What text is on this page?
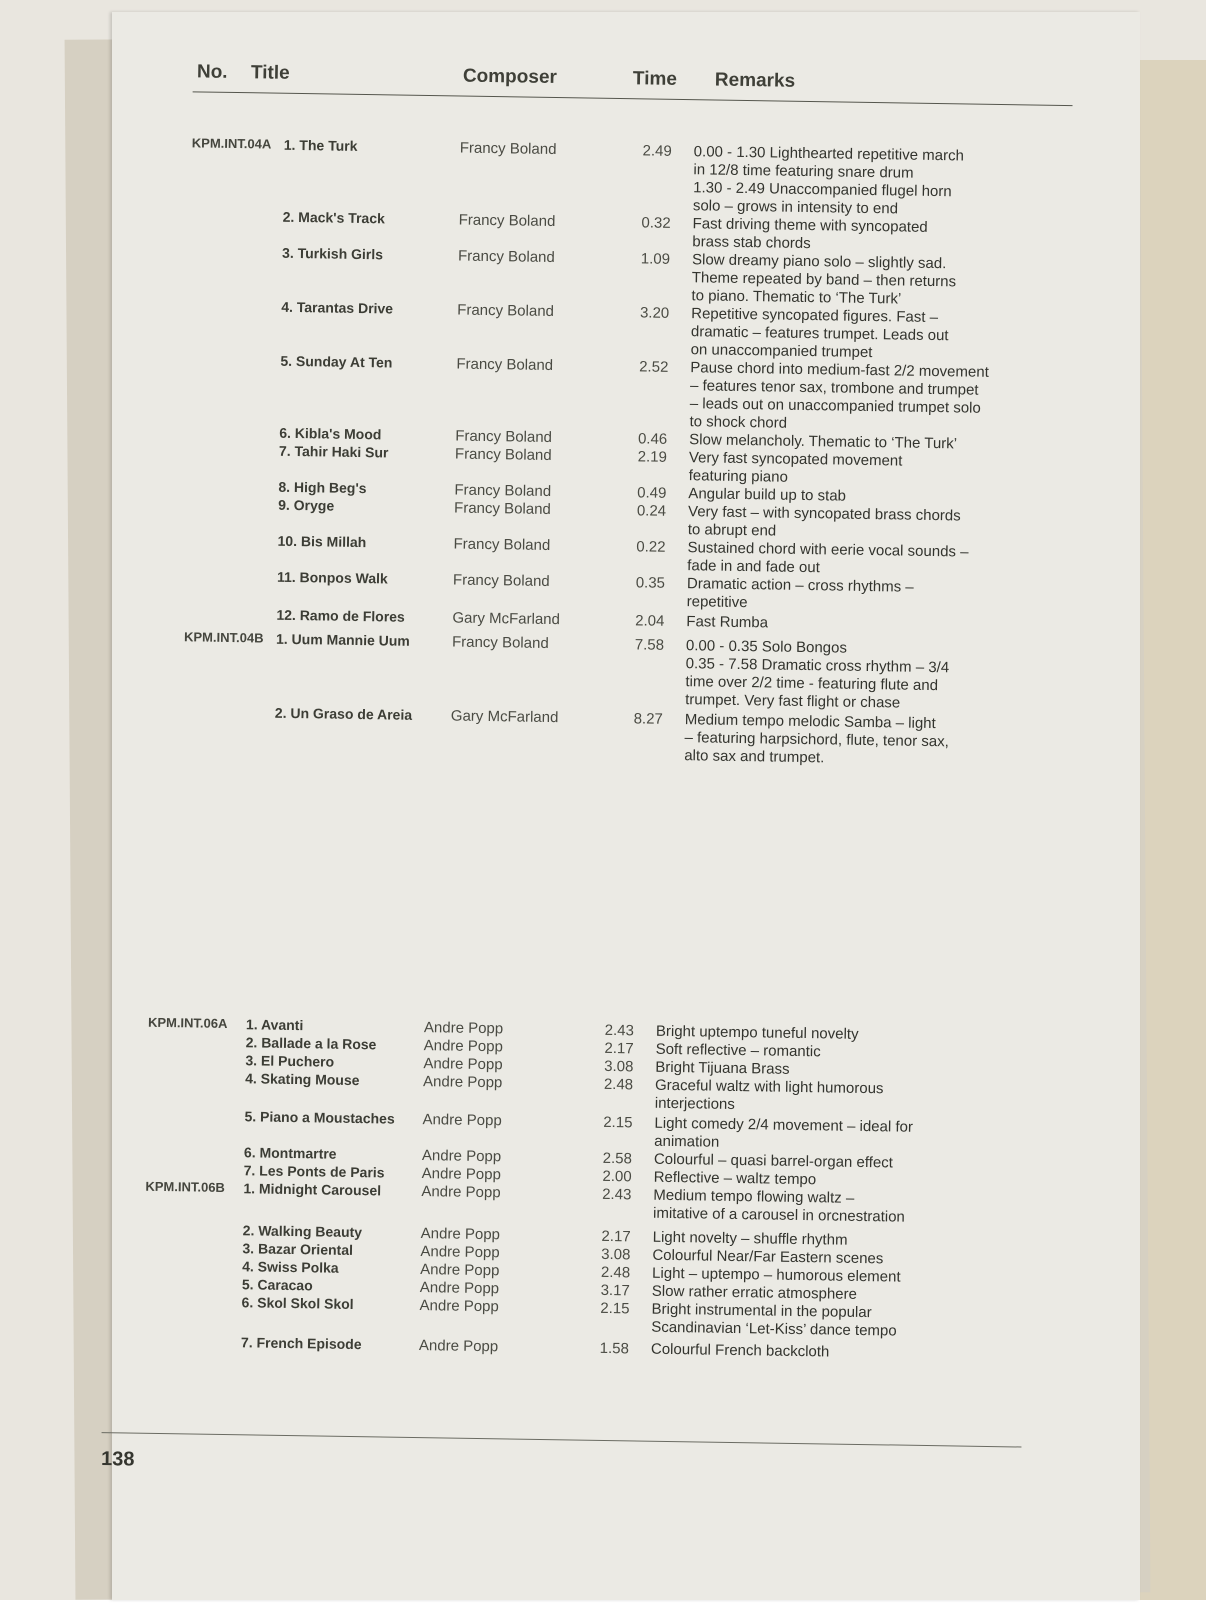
No. Title	Composer	Time Remarks
KPM.INT.04A 1. The Turk	Francy Boland	2.49 0.00 - 1.30 Lighthearted repetitive march
in 12/8 time featuring snare drum
1.30 - 2.49 Unaccompanied flugel horn
solo – grows in intensity to end
2. Mack's Track	Francy Boland	0.32 Fast driving theme with syncopated
brass stab chords
3. Turkish Girls	Francy Boland	1.09 Slow dreamy piano solo – slightly sad.
Theme repeated by band – then returns
to piano. Thematic to ‘The Turk’
4. Tarantas Drive	Francy Boland	3.20 Repetitive syncopated figures. Fast –
dramatic – features trumpet. Leads out
on unaccompanied trumpet
5. Sunday At Ten	Francy Boland	2.52 Pause chord into medium-fast 2/2 movement
– features tenor sax, trombone and trumpet
– leads out on unaccompanied trumpet solo
to shock chord
6. Kibla's Mood	Francy Boland	0.46 Slow melancholy. Thematic to ‘The Turk’
7. Tahir Haki Sur	Francy Boland	2.19 Very fast syncopated movement
featuring piano
8. High Beg's	Francy Boland	0.49 Angular build up to stab
9. Oryge	Francy Boland	0.24 Very fast – with syncopated brass chords
to abrupt end
10. Bis Millah	Francy Boland	0.22 Sustained chord with eerie vocal sounds –
fade in and fade out
11. Bonpos Walk	Francy Boland	0.35 Dramatic action – cross rhythms –
repetitive
12. Ramo de Flores	Gary McFarland	2.04 Fast Rumba
KPM.INT.04B 1. Uum Mannie Uum	Francy Boland	7.58 0.00 - 0.35 Solo Bongos
0.35 - 7.58 Dramatic cross rhythm – 3/4
time over 2/2 time - featuring flute and
trumpet. Very fast flight or chase
2. Un Graso de Areia	Gary McFarland	8.27 Medium tempo melodic Samba – light
– featuring harpsichord, flute, tenor sax,
alto sax and trumpet.
KPM.INT.06A 1. Avanti	Andre Popp	2.43 Bright uptempo tuneful novelty
2. Ballade a la Rose	Andre Popp	2.17 Soft reflective – romantic
3. El Puchero	Andre Popp	3.08 Bright Tijuana Brass
4. Skating Mouse	Andre Popp	2.48 Graceful waltz with light humorous
interjections
5. Piano a Moustaches Andre Popp	2.15 Light comedy 2/4 movement – ideal for
animation
6. Montmartre	Andre Popp	2.58 Colourful – quasi barrel-organ effect
7. Les Ponts de Paris Andre Popp	2.00 Reflective – waltz tempo
KPM.INT.06B 1. Midnight Carousel	Andre Popp	2.43 Medium tempo flowing waltz –
imitative of a carousel in orcnestration
2. Walking Beauty	Andre Popp	2.17 Light novelty – shuffle rhythm
3. Bazar Oriental	Andre Popp	3.08 Colourful Near/Far Eastern scenes
4. Swiss Polka	Andre Popp	2.48 Light – uptempo – humorous element
5. Caracao	Andre Popp	3.17 Slow rather erratic atmosphere
6. Skol Skol Skol	Andre Popp	2.15 Bright instrumental in the popular
Scandinavian ‘Let-Kiss’ dance tempo
7. French Episode	Andre Popp	1.58 Colourful French backcloth
138
